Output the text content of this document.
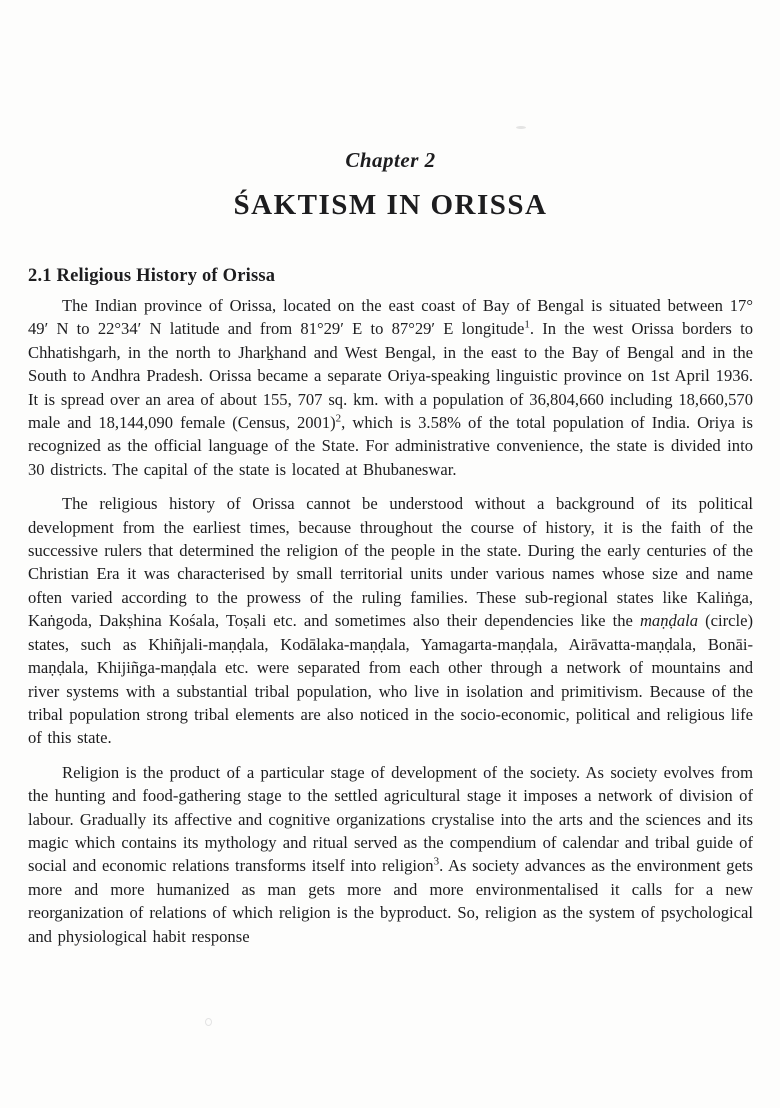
Chapter 2
ŚAKTISM IN ORISSA
2.1 Religious History of Orissa

The Indian province of Orissa, located on the east coast of Bay of Bengal is situated between 17° 49′ N to 22°34′ N latitude and from 81°29′ E to 87°29′ E longitude$^1$. In the west Orissa borders to Chhatishgarh, in the north to Jharḵhand and West Bengal, in the east to the Bay of Bengal and in the South to Andhra Pradesh. Orissa became a separate Oriya-speaking linguistic province on 1st April 1936. It is spread over an area of about 155, 707 sq. km. with a population of 36,804,660 including 18,660,570 male and 18,144,090 female (Census, 2001)$^2$, which is 3.58% of the total population of India. Oriya is recognized as the official language of the State. For administrative convenience, the state is divided into 30 districts. The capital of the state is located at Bhubaneswar.

The religious history of Orissa cannot be understood without a background of its political development from the earliest times, because throughout the course of history, it is the faith of the successive rulers that determined the religion of the people in the state. During the early centuries of the Christian Era it was characterised by small territorial units under various names whose size and name often varied according to the prowess of the ruling families. These sub-regional states like Kaliṅga, Kaṅgoda, Dakṣhina Kośala, Toṣali etc. and sometimes also their dependencies like the maṇḍala (circle) states, such as Khiñjali-maṇḍala, Kodālaka-maṇḍala, Yamagarta-maṇḍala, Airāvatta-maṇḍala, Bonāi-maṇḍala, Khijiñga-maṇḍala etc. were separated from each other through a network of mountains and river systems with a substantial tribal population, who live in isolation and primitivism. Because of the tribal population strong tribal elements are also noticed in the socio-economic, political and religious life of this state.

Religion is the product of a particular stage of development of the society. As society evolves from the hunting and food-gathering stage to the settled agricultural stage it imposes a network of division of labour. Gradually its affective and cognitive organizations crystalise into the arts and the sciences and its magic which contains its mythology and ritual served as the compendium of calendar and tribal guide of social and economic relations transforms itself into religion$^3$. As society advances as the environment gets more and more humanized as man gets more and more environmentalised it calls for a new reorganization of relations of which religion is the byproduct. So, religion as the system of psychological and physiological habit response
